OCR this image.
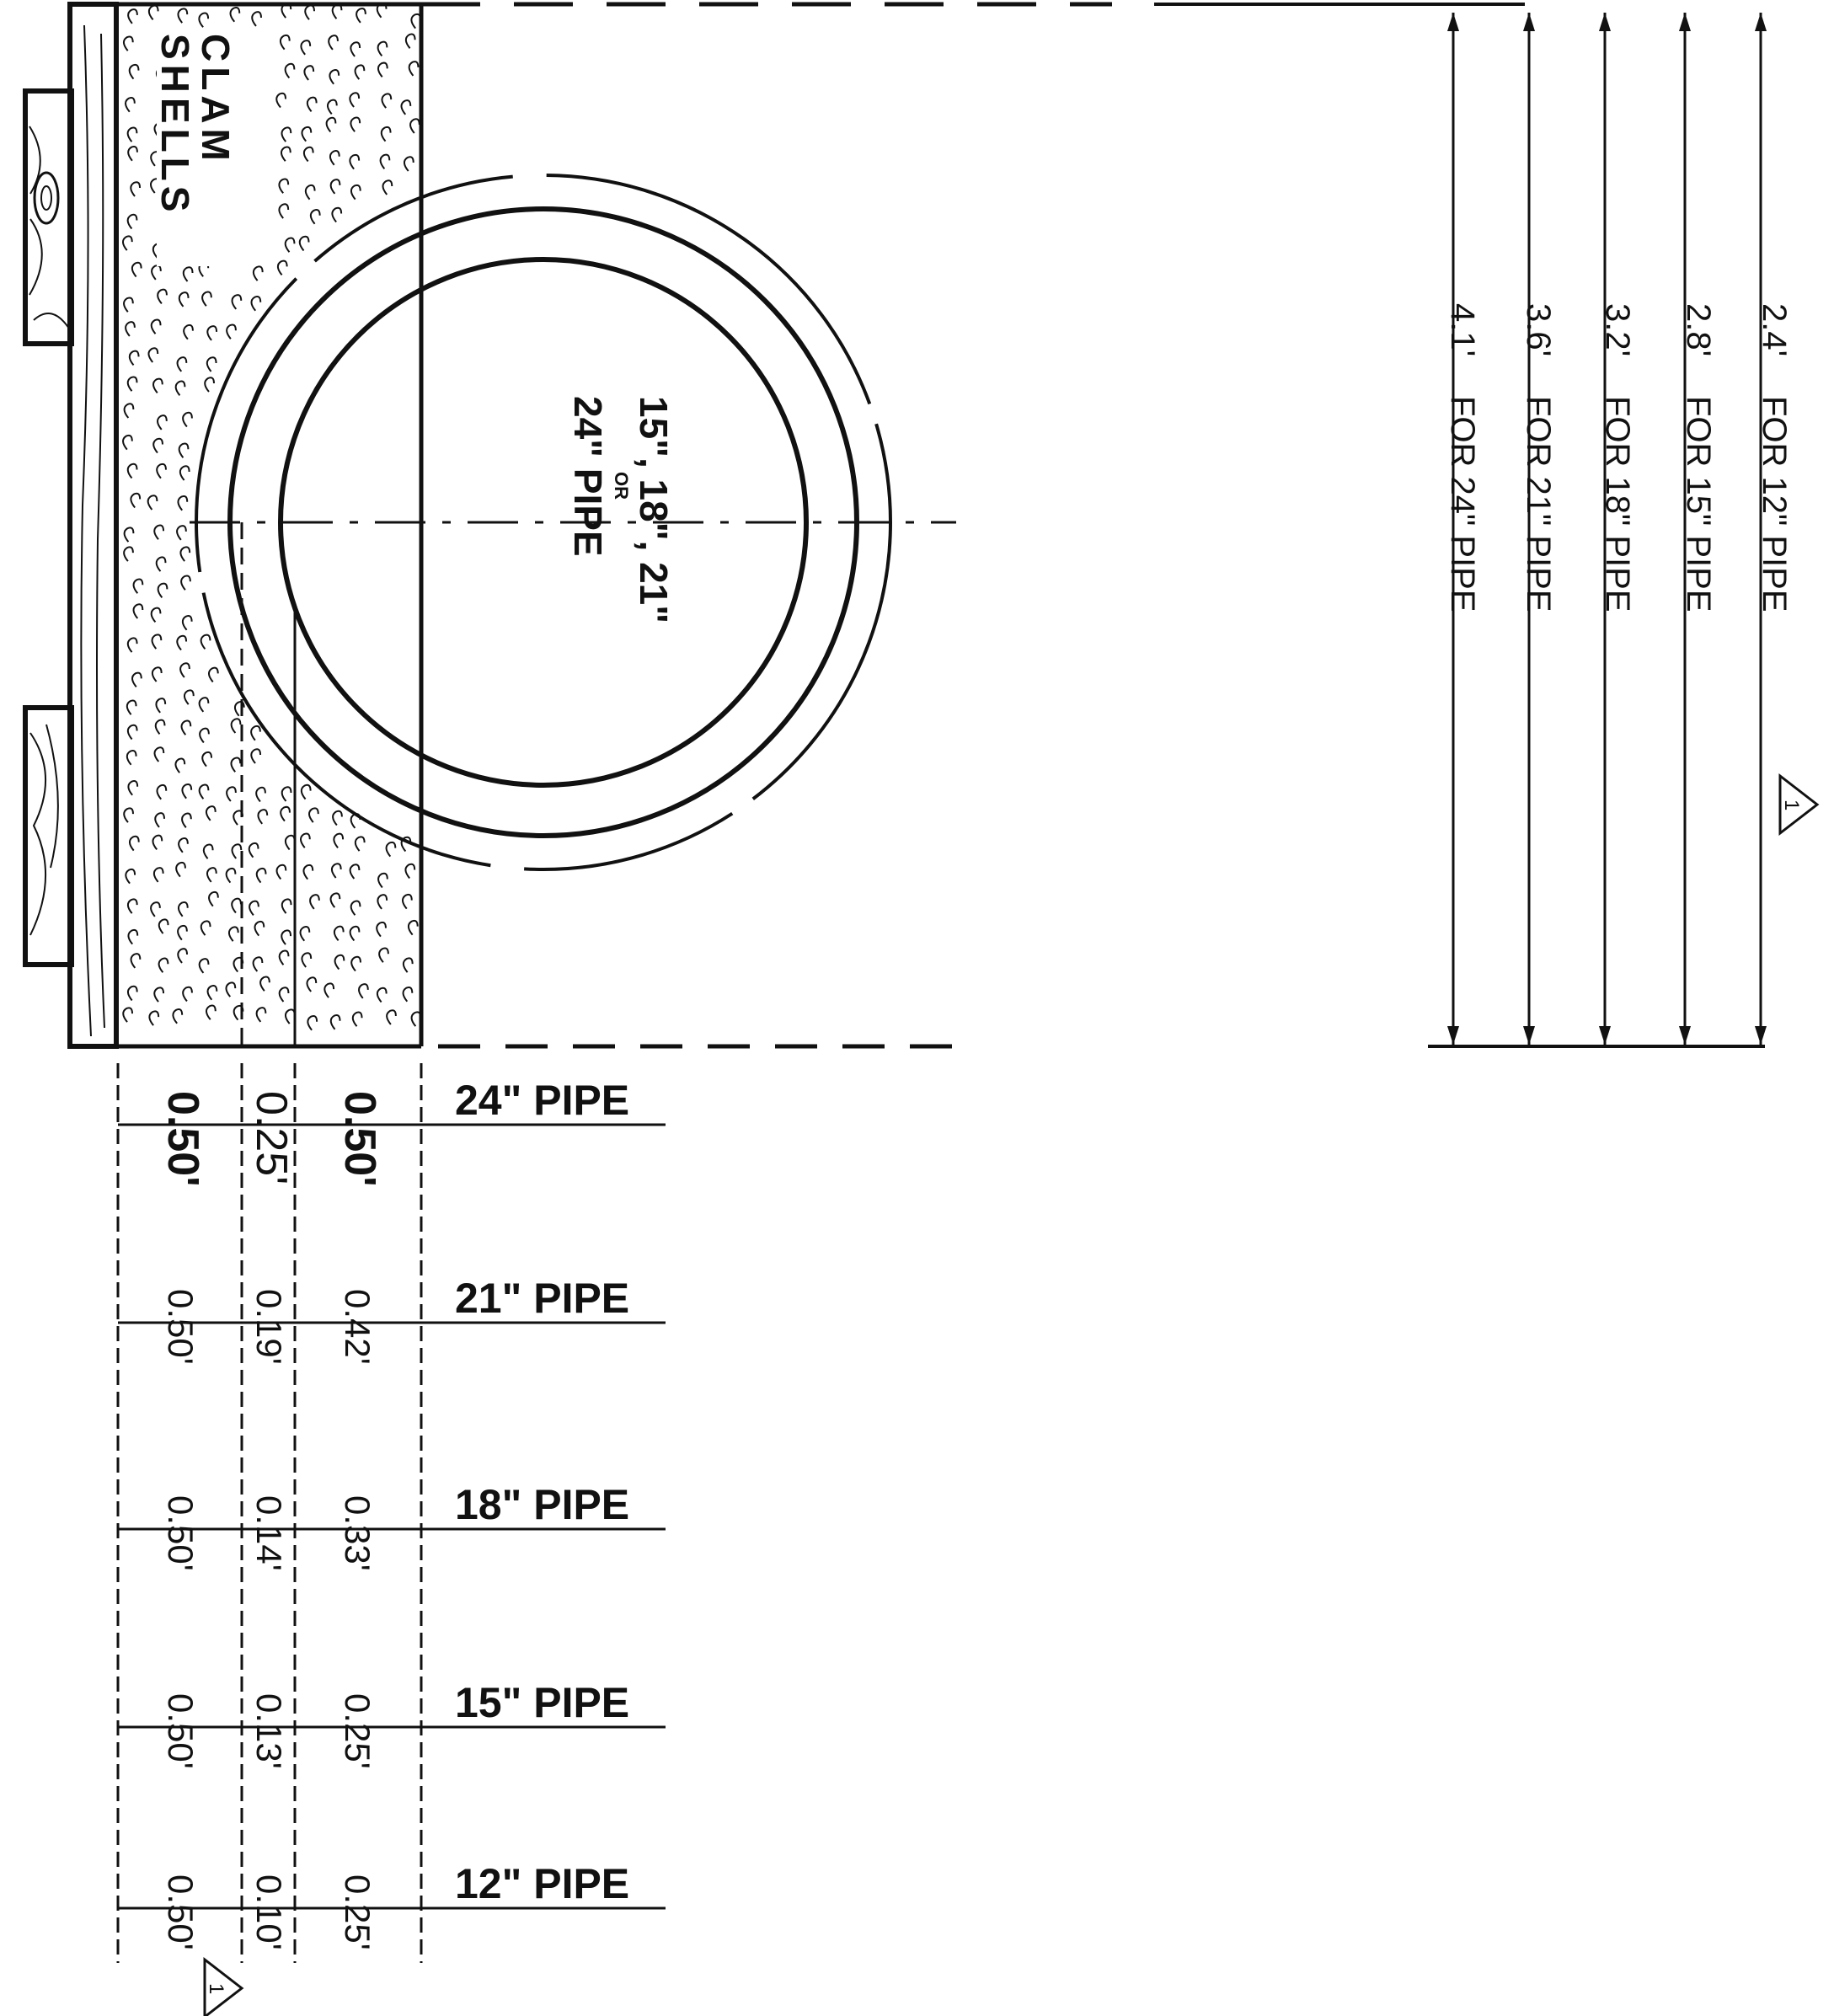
CLAM
SHELLS
15", 18", 21"
OR
24" PIPE
2.4'
FOR 12" PIPE
2.8'
FOR 15" PIPE
3.2'
FOR 18" PIPE
3.6'
FOR 21" PIPE
4.1'
FOR 24" PIPE
1
24" PIPE
0.50' 0.25' 0.50'
21" PIPE
0.50' 0.19' 0.42'
18" PIPE
0.50' 0.14' 0.33'
15" PIPE
0.50' 0.13' 0.25'
12" PIPE
0.50' 0.10' 0.25'
1
